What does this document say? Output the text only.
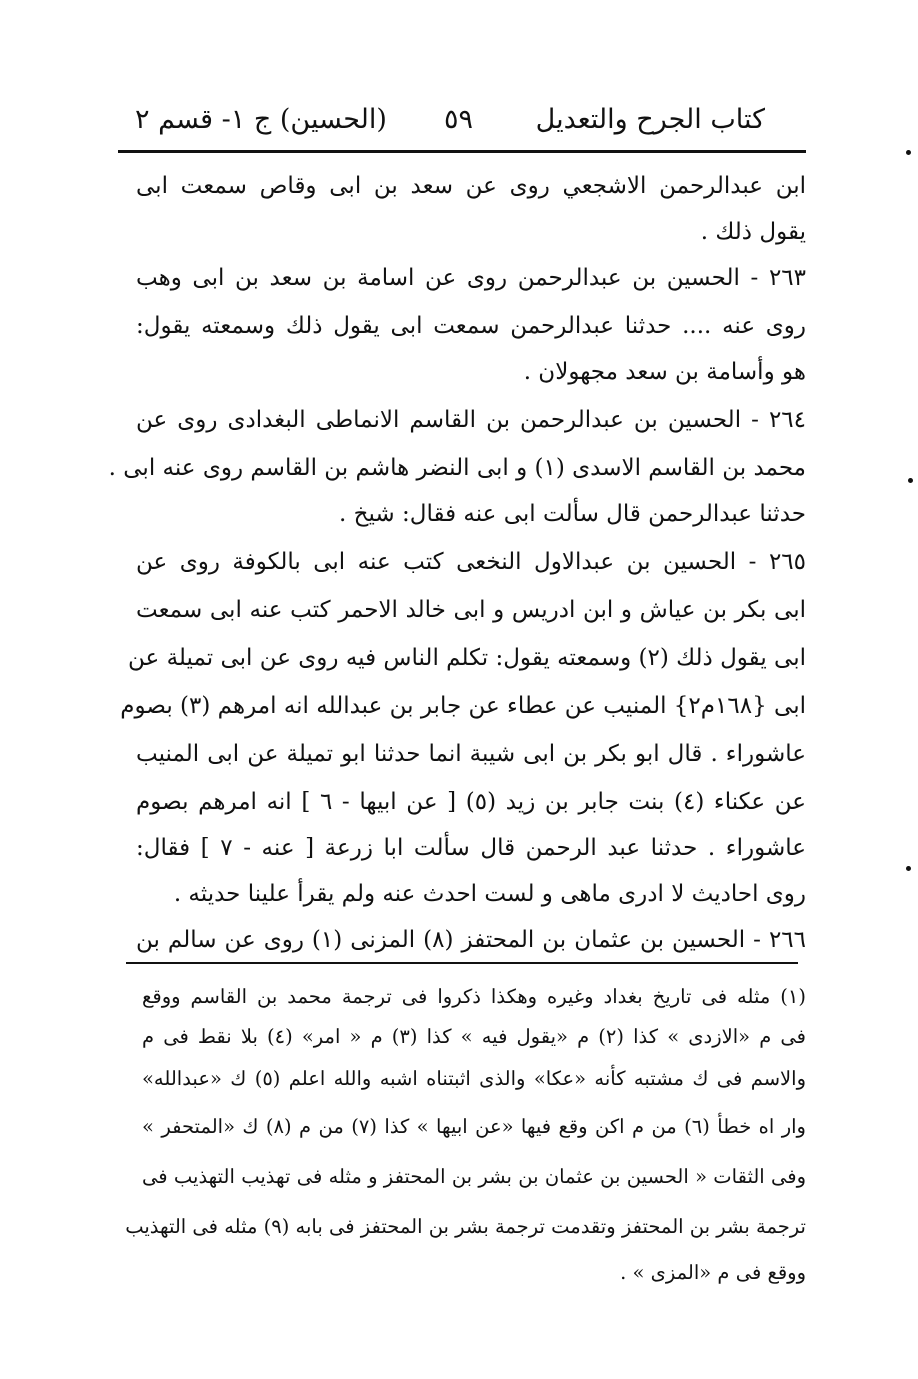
كتاب الجرح والتعديل
٥٩
(الحسين) ج ١- قسم ٢
ابن عبدالرحمن الاشجعي روى عن سعد بن ابى وقاص سمعت ابى
يقول ذلك .
٢٦٣ - الحسين بن عبدالرحمن روى عن اسامة بن سعد بن ابى وهب
روى عنه .... حدثنا عبدالرحمن سمعت ابى يقول ذلك وسمعته يقول:
هو وأسامة بن سعد مجهولان .
٢٦٤ - الحسين بن عبدالرحمن بن القاسم الانماطى البغدادى روى عن
محمد بن القاسم الاسدى (١) و ابى النضر هاشم بن القاسم روى عنه ابى .
حدثنا عبدالرحمن قال سألت ابى عنه فقال: شيخ .
٢٦٥ - الحسين بن عبدالاول النخعى كتب عنه ابى بالكوفة روى عن
ابى بكر بن عياش و ابن ادريس و ابى خالد الاحمر كتب عنه ابى سمعت
ابى يقول ذلك (٢) وسمعته يقول: تكلم الناس فيه روى عن ابى تميلة عن
ابى {١٦٨م٢} المنيب عن عطاء عن جابر بن عبدالله انه امرهم (٣) بصوم
عاشوراء . قال ابو بكر بن ابى شيبة انما حدثنا ابو تميلة عن ابى المنيب
عن عكناء (٤) بنت جابر بن زيد (٥) [ عن ابيها - ٦ ] انه امرهم بصوم
عاشوراء . حدثنا عبد الرحمن قال سألت ابا زرعة [ عنه - ٧ ] فقال:
روى احاديث لا ادرى ماهى و لست احدث عنه ولم يقرأ علينا حديثه .
٢٦٦ - الحسين بن عثمان بن المحتفز (٨) المزنى (١) روى عن سالم بن
(١) مثله فى تاريخ بغداد وغيره وهكذا ذكروا فى ترجمة محمد بن القاسم ووقع
فى م «الازدى » كذا (٢) م «يقول فيه » كذا (٣) م « امر» (٤) بلا نقط فى م
والاسم فى ك مشتبه كأنه «عكا» والذى اثبتناه اشبه والله اعلم (٥) ك «عبدالله»
وار اه خطأ (٦) من م اكن وقع فيها «عن ابيها » كذا (٧) من م (٨) ك «المتحفر »
وفى الثقات « الحسين بن عثمان بن بشر بن المحتفز و مثله فى تهذيب التهذيب فى
ترجمة بشر بن المحتفز وتقدمت ترجمة بشر بن المحتفز فى بابه (٩) مثله فى التهذيب
ووقع فى م «المزى » .
